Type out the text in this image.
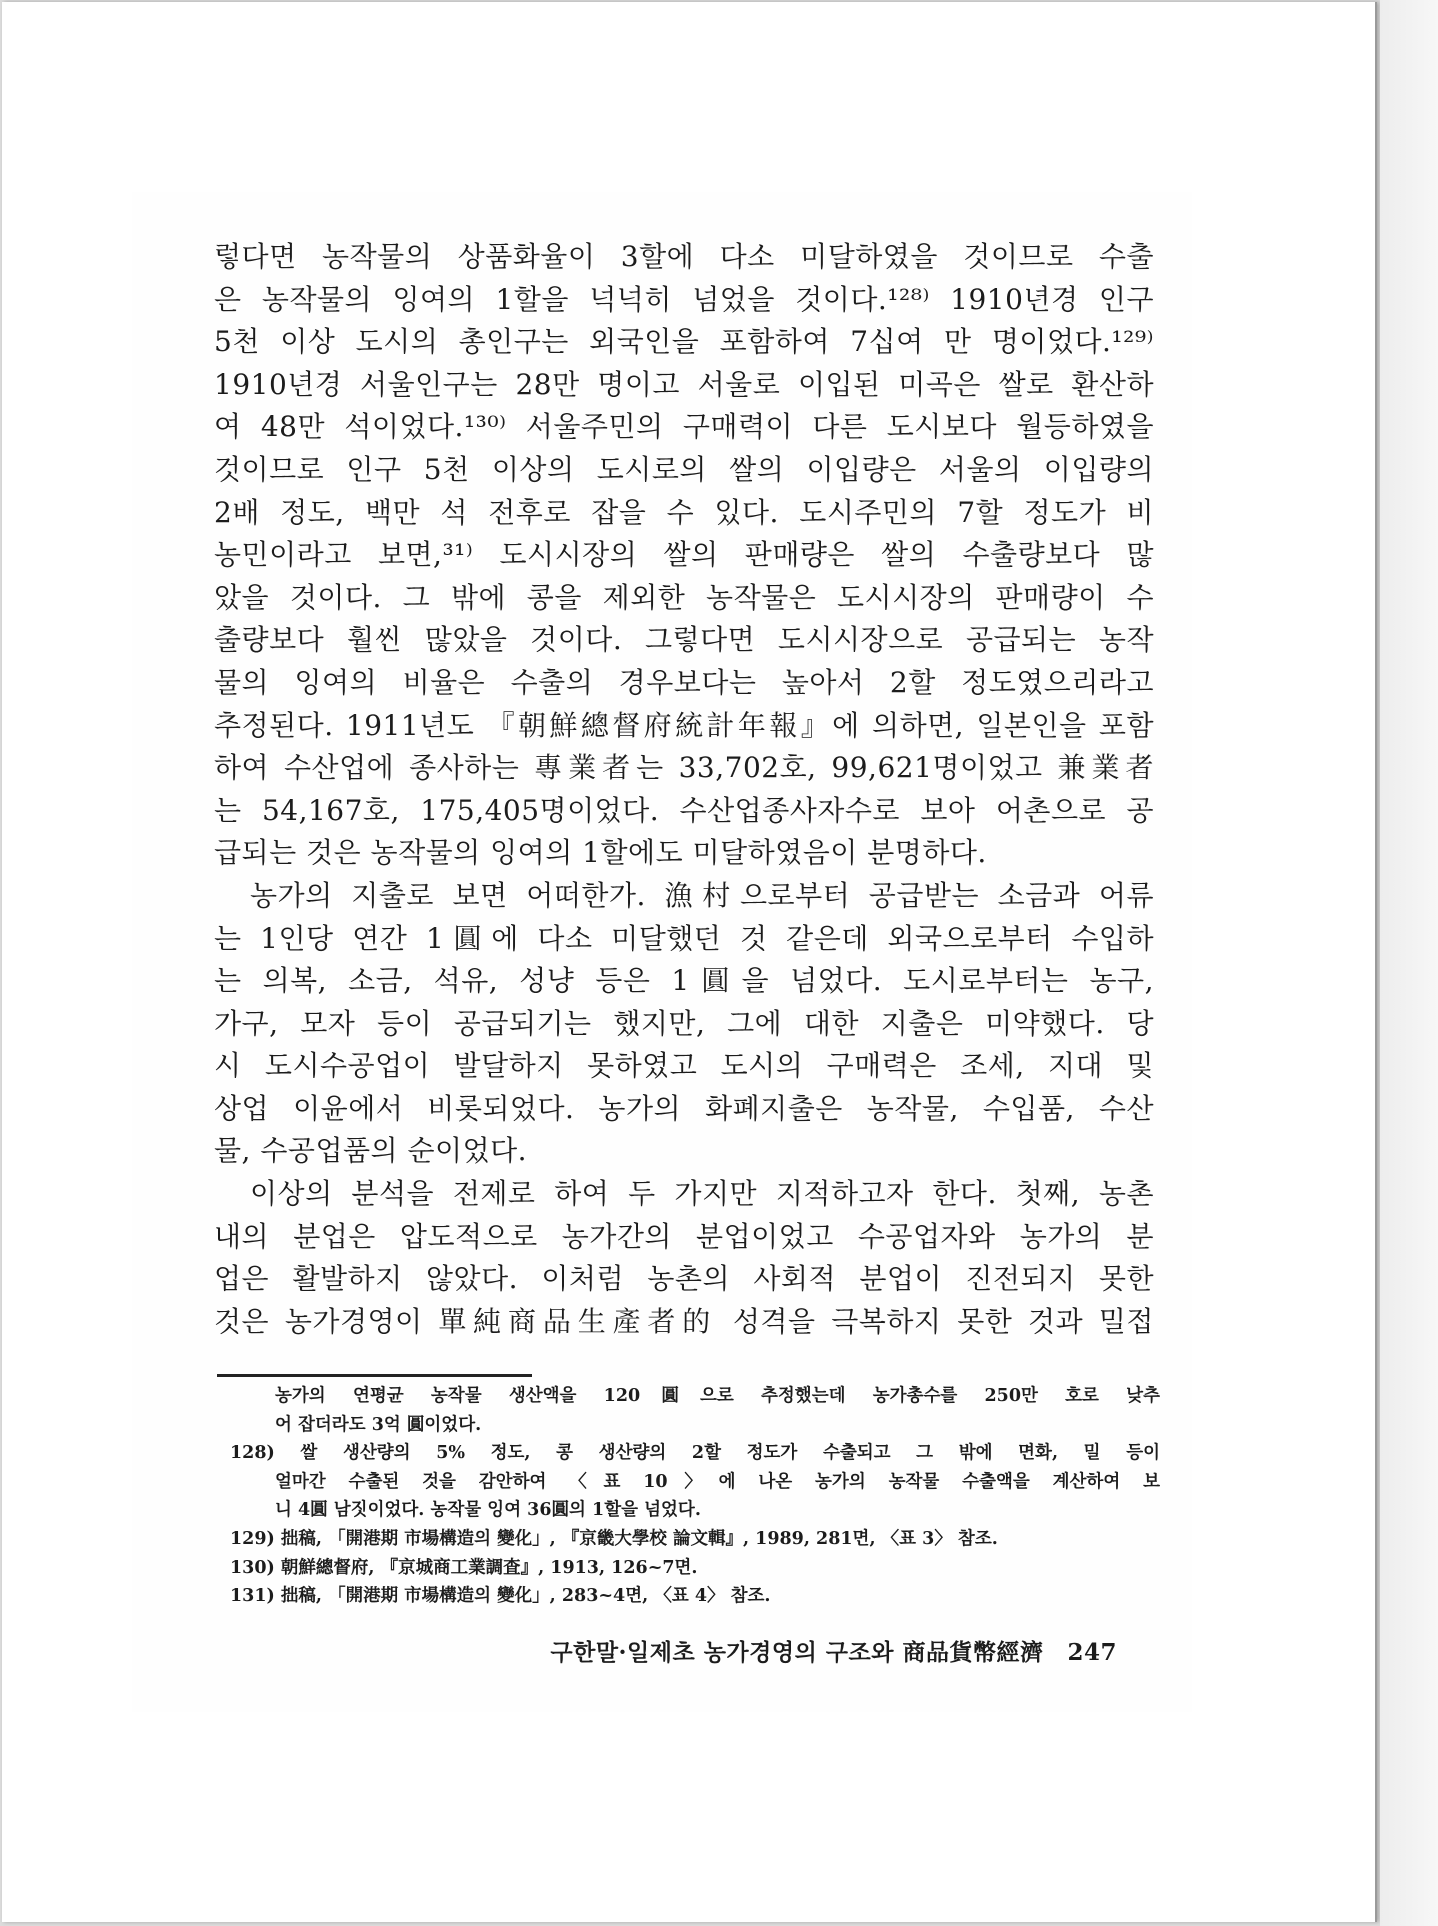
렇다면 농작물의 상품화율이 3할에 다소 미달하였을 것이므로 수출
은 농작물의 잉여의 1할을 넉넉히 넘었을 것이다.¹²⁸⁾ 1910년경 인구
5천 이상 도시의 총인구는 외국인을 포함하여 7십여 만 명이었다.¹²⁹⁾
1910년경 서울인구는 28만 명이고 서울로 이입된 미곡은 쌀로 환산하
여 48만 석이었다.¹³⁰⁾ 서울주민의 구매력이 다른 도시보다 월등하였을
것이므로 인구 5천 이상의 도시로의 쌀의 이입량은 서울의 이입량의
2배 정도, 백만 석 전후로 잡을 수 있다. 도시주민의 7할 정도가 비
농민이라고 보면,³¹⁾ 도시시장의 쌀의 판매량은 쌀의 수출량보다 많
았을 것이다. 그 밖에 콩을 제외한 농작물은 도시시장의 판매량이 수
출량보다 훨씬 많았을 것이다. 그렇다면 도시시장으로 공급되는 농작
물의 잉여의 비율은 수출의 경우보다는 높아서 2할 정도였으리라고
추정된다. 1911년도 『朝鮮總督府統計年報』에 의하면, 일본인을 포함
하여 수산업에 종사하는 專業者는 33,702호, 99,621명이었고 兼業者
는 54,167호, 175,405명이었다. 수산업종사자수로 보아 어촌으로 공
급되는 것은 농작물의 잉여의 1할에도 미달하였음이 분명하다.
농가의 지출로 보면 어떠한가. 漁村으로부터 공급받는 소금과 어류
는 1인당 연간 1圓에 다소 미달했던 것 같은데 외국으로부터 수입하
는 의복, 소금, 석유, 성냥 등은 1圓을 넘었다. 도시로부터는 농구,
가구, 모자 등이 공급되기는 했지만, 그에 대한 지출은 미약했다. 당
시 도시수공업이 발달하지 못하였고 도시의 구매력은 조세, 지대 및
상업 이윤에서 비롯되었다. 농가의 화폐지출은 농작물, 수입품, 수산
물, 수공업품의 순이었다.
이상의 분석을 전제로 하여 두 가지만 지적하고자 한다. 첫째, 농촌
내의 분업은 압도적으로 농가간의 분업이었고 수공업자와 농가의 분
업은 활발하지 않았다. 이처럼 농촌의 사회적 분업이 진전되지 못한
것은 농가경영이 單純商品生產者的 성격을 극복하지 못한 것과 밀접
농가의 연평균 농작물 생산액을 120圓으로 추정했는데 농가총수를 250만 호로 낮추
어 잡더라도 3억 圓이었다.
128) 쌀 생산량의 5% 정도, 콩 생산량의 2할 정도가 수출되고 그 밖에 면화, 밀 등이
얼마간 수출된 것을 감안하여 〈표 10〉에 나온 농가의 농작물 수출액을 계산하여 보
니 4圓 남짓이었다. 농작물 잉여 36圓의 1할을 넘었다.
129) 拙稿, 「開港期 市場構造의 變化」, 『京畿大學校 論文輯』, 1989, 281면, 〈표 3〉 참조.
130) 朝鮮總督府, 『京城商工業調査』, 1913, 126~7면.
131) 拙稿, 「開港期 市場構造의 變化」, 283~4면, 〈표 4〉 참조.
구한말·일제초 농가경영의 구조와 商品貨幣經濟 247
